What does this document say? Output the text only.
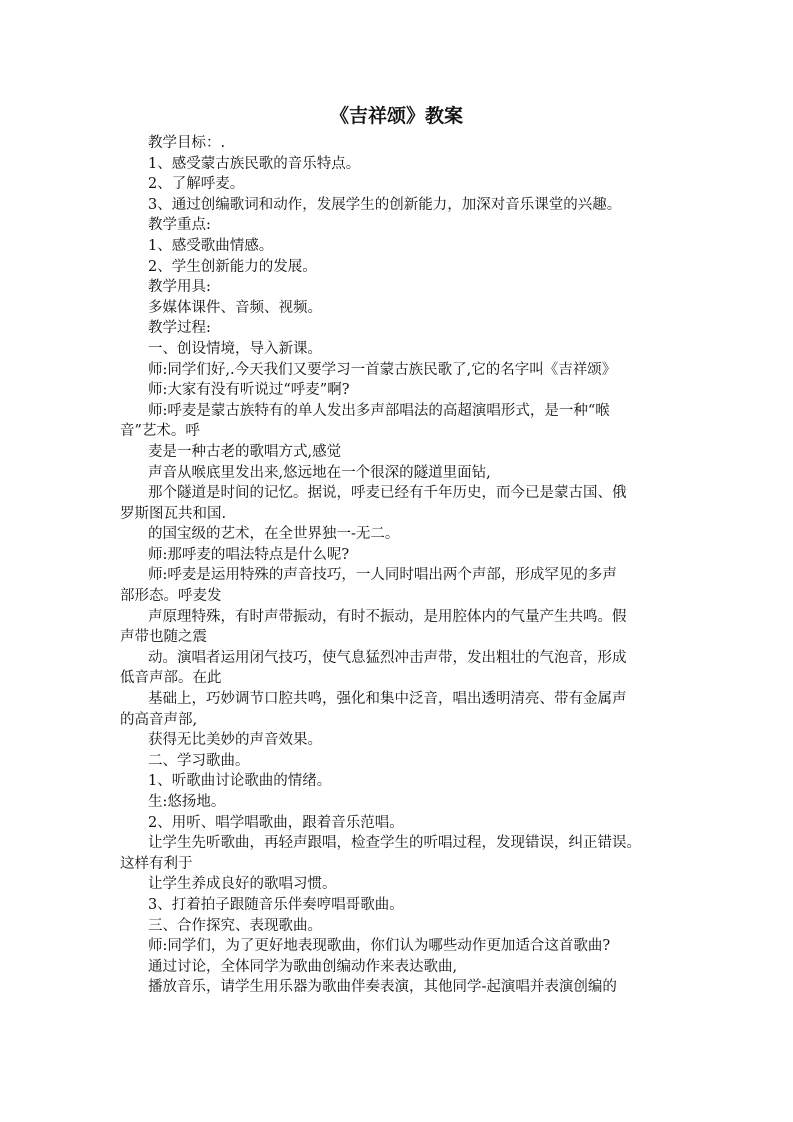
《吉祥颂》教案
教学目标：.
1、感受蒙古族民歌的音乐特点。
2、了解呼麦。
3、通过创编歌词和动作，发展学生的创新能力，加深对音乐课堂的兴趣。
教学重点:
1、感受歌曲情感。
2、学生创新能力的发展。
教学用具:
多媒体课件、音频、视频。
教学过程:
一、创设情境，导入新课。
师:同学们好,.今天我们又要学习一首蒙古族民歌了,它的名字叫《吉祥颂》
师:大家有没有听说过“呼麦”啊?
师:呼麦是蒙古族特有的单人发出多声部唱法的高超演唱形式，是一种“喉
音”艺术。呼
麦是一种古老的歌唱方式,感觉
声音从喉底里发出来,悠远地在一个很深的隧道里面钻,
那个隧道是时间的记忆。据说，呼麦已经有千年历史，而今已是蒙古国、俄
罗斯图瓦共和国.
的国宝级的艺术，在全世界独一-无二。
师:那呼麦的唱法特点是什么呢?
师:呼麦是运用特殊的声音技巧，一人同时唱出两个声部，形成罕见的多声
部形态。呼麦发
声原理特殊，有时声带振动，有时不振动，是用腔体内的气量产生共鸣。假
声带也随之震
动。演唱者运用闭气技巧，使气息猛烈冲击声带，发出粗壮的气泡音，形成
低音声部。在此
基础上，巧妙调节口腔共鸣，强化和集中泛音，唱出透明清亮、带有金属声
的高音声部,
获得无比美妙的声音效果。
二、学习歌曲。
1、听歌曲讨论歌曲的情绪。
生:悠扬地。
2、用听、唱学唱歌曲，跟着音乐范唱。
让学生先听歌曲，再轻声跟唱，检查学生的听唱过程，发现错误，纠正错误。
这样有利于
让学生养成良好的歌唱习惯。
3、打着拍子跟随音乐伴奏哼唱哥歌曲。
三、合作探究、表现歌曲。
师:同学们，为了更好地表现歌曲，你们认为哪些动作更加适合这首歌曲?
通过讨论，全体同学为歌曲创编动作来表达歌曲,
播放音乐，请学生用乐器为歌曲伴奏表演，其他同学-起演唱并表演创编的
